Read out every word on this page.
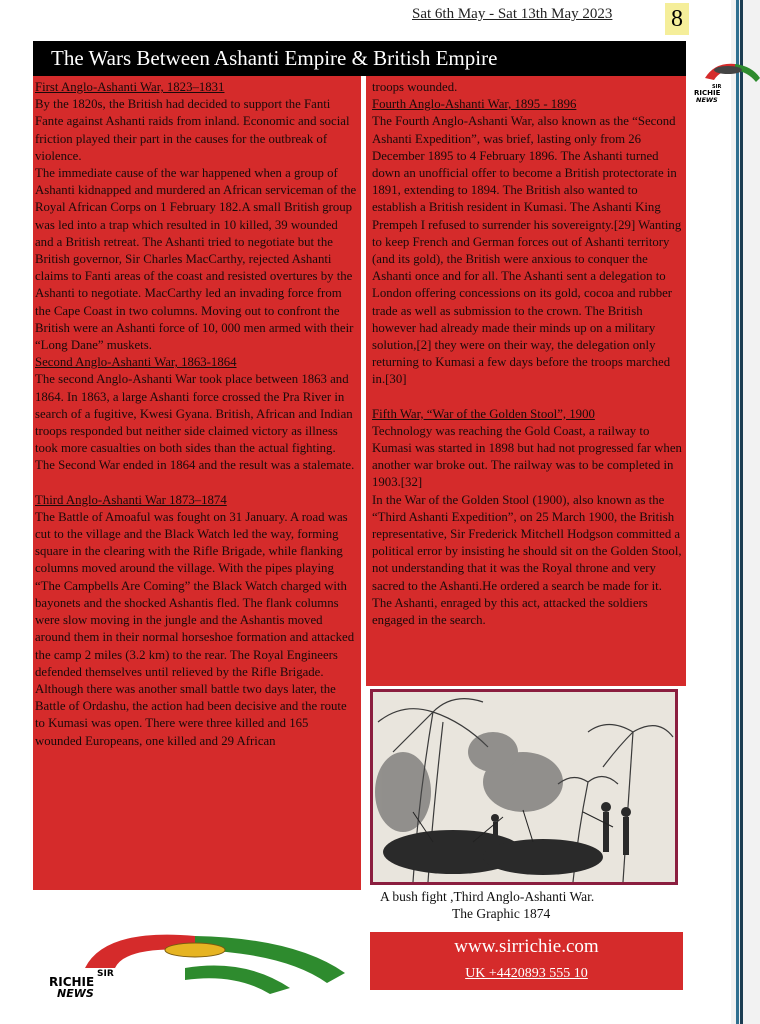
Sat 6th May - Sat 13th May 2023	8
The Wars Between Ashanti Empire & British Empire
First Anglo-Ashanti War, 1823–1831
By the 1820s, the British had decided to support the Fanti Fante against Ashanti raids from inland. Economic and social friction played their part in the causes for the outbreak of violence.
The immediate cause of the war happened when a group of Ashanti kidnapped and murdered an African serviceman of the Royal African Corps on 1 February 182.A small British group was led into a trap which resulted in 10 killed, 39 wounded and a British retreat. The Ashanti tried to negotiate but the British governor, Sir Charles MacCarthy, rejected Ashanti claims to Fanti areas of the coast and resisted overtures by the Ashanti to negotiate. MacCarthy led an invading force from the Cape Coast in two columns. Moving out to confront the British were an Ashanti force of 10, 000 men armed with their “Long Dane” muskets.
Second Anglo-Ashanti War, 1863-1864
The second Anglo-Ashanti War took place between 1863 and 1864. In 1863, a large Ashanti force crossed the Pra River in search of a fugitive, Kwesi Gyana. British, African and Indian troops responded but neither side claimed victory as illness took more casualties on both sides than the actual fighting.
The Second War ended in 1864 and the result was a stalemate.
Third Anglo-Ashanti War 1873–1874
The Battle of Amoaful was fought on 31 January. A road was cut to the village and the Black Watch led the way, forming square in the clearing with the Rifle Brigade, while flanking columns moved around the village. With the pipes playing “The Campbells Are Coming” the Black Watch charged with bayonets and the shocked Ashantis fled. The flank columns were slow moving in the jungle and the Ashantis moved around them in their normal horseshoe formation and attacked the camp 2 miles (3.2 km) to the rear. The Royal Engineers defended themselves until relieved by the Rifle Brigade. Although there was another small battle two days later, the Battle of Ordashu, the action had been decisive and the route to Kumasi was open. There were three killed and 165 wounded Europeans, one killed and 29 African
troops wounded.
Fourth Anglo-Ashanti War, 1895 - 1896
The Fourth Anglo-Ashanti War, also known as the “Second Ashanti Expedition”, was brief, lasting only from 26 December 1895 to 4 February 1896. The Ashanti turned down an unofficial offer to become a British protectorate in 1891, extending to 1894. The British also wanted to establish a British resident in Kumasi. The Ashanti King Prempeh I refused to surrender his sovereignty.[29] Wanting to keep French and German forces out of Ashanti territory (and its gold), the British were anxious to conquer the Ashanti once and for all. The Ashanti sent a delegation to London offering concessions on its gold, cocoa and rubber trade as well as submission to the crown. The British however had already made their minds up on a military solution,[2] they were on their way, the delegation only returning to Kumasi a few days before the troops marched in.[30]
Fifth War, “War of the Golden Stool”, 1900
Technology was reaching the Gold Coast, a railway to Kumasi was started in 1898 but had not progressed far when another war broke out. The railway was to be completed in 1903.[32]
In the War of the Golden Stool (1900), also known as the “Third Ashanti Expedition”, on 25 March 1900, the British representative, Sir Frederick Mitchell Hodgson committed a political error by insisting he should sit on the Golden Stool, not understanding that it was the Royal throne and very sacred to the Ashanti.He ordered a search be made for it. The Ashanti, enraged by this act, attacked the soldiers engaged in the search.
A bush fight ,Third Anglo-Ashanti War.
The Graphic 1874
www.sirrichie.com
UK +4420893 555 10
SIR
RICHIE
NEWS
SIR
RICHIE
NEWS
